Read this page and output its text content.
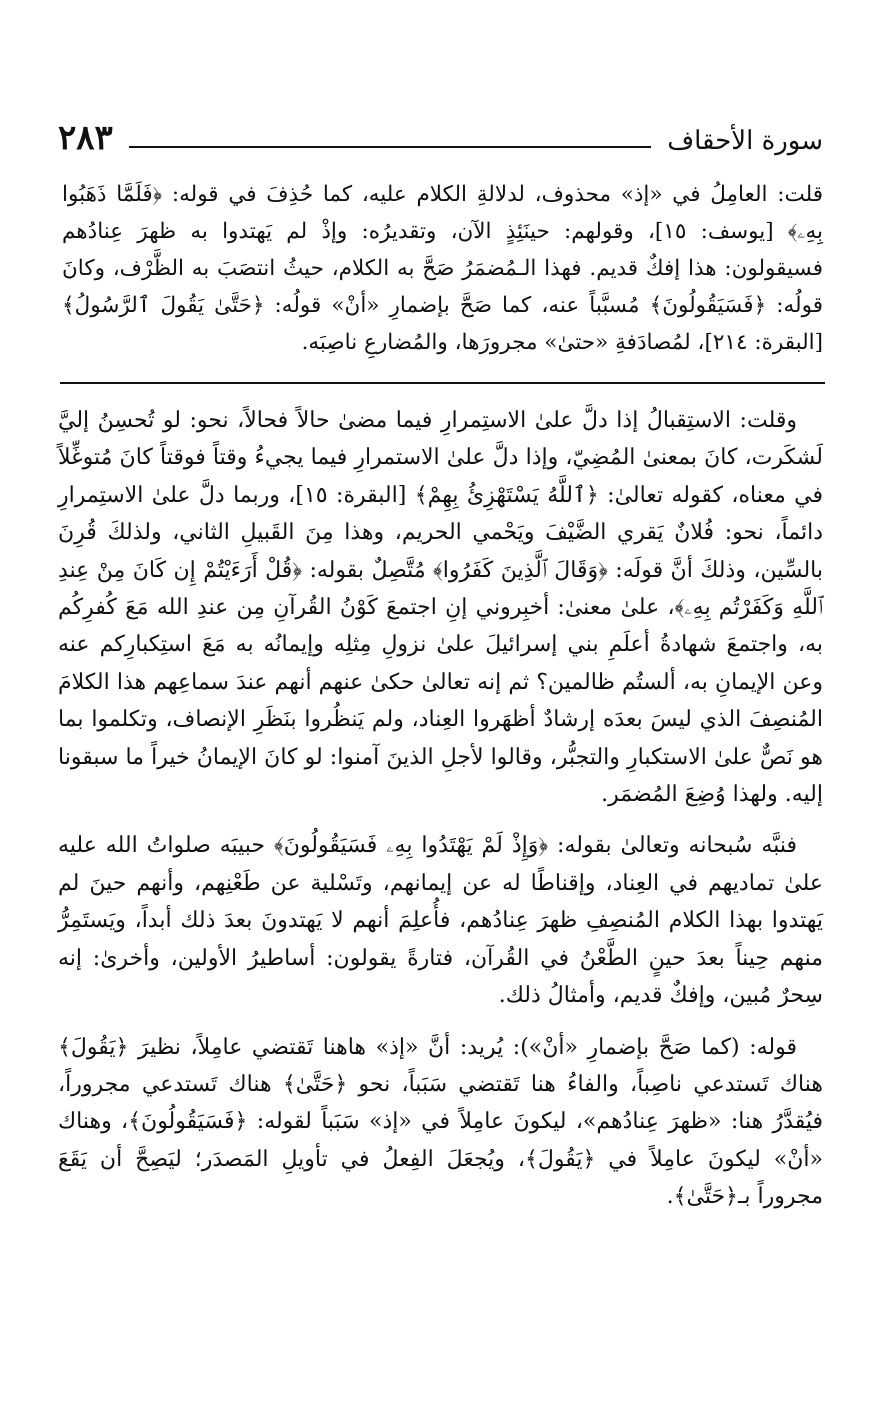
سورة الأحقاف
٢٨٣
قلت: العامِلُ في «إذ» محذوف، لدلالةِ الكلام عليه، كما حُذِفَ في قوله: ﴿فَلَمَّا ذَهَبُوا بِهِۦ﴾ [يوسف: ١٥]، وقولهم: حينَئِذٍ الآن، وتقديرُه: وإذْ لم يَهتدوا به ظهرَ عِنادُهم فسيقولون: هذا إفكٌ قديم. فهذا الـمُضمَرُ صَحَّ به الكلام، حيثُ انتصَبَ به الظَّرْف، وكانَ قولُه: ﴿فَسَيَقُولُونَ﴾ مُسبَّباً عنه، كما صَحَّ بإضمارِ «أنْ» قولُه: ﴿حَتَّىٰ يَقُولَ ٱلرَّسُولُ﴾ [البقرة: ٢١٤]، لمُصادَفةِ «حتىٰ» مجرورَها، والمُضارعِ ناصِبَه.

وقلت: الاستِقبالُ إذا دلَّ علىٰ الاستِمرارِ فيما مضىٰ حالاً فحالاً، نحو: لو تُحسِنُ إليَّ لَشكَرت، كانَ بمعنىٰ المُضِيّ، وإذا دلَّ علىٰ الاستمرارِ فيما يجيءُ وقتاً فوقتاً كانَ مُتوغِّلاً في معناه، كقوله تعالىٰ: ﴿ٱللَّهُ يَسْتَهْزِئُ بِهِمْ﴾ [البقرة: ١٥]، وربما دلَّ علىٰ الاستِمرارِ دائماً، نحو: فُلانٌ يَقري الضَّيْفَ ويَحْمي الحريم، وهذا مِنَ القَبيلِ الثاني، ولذلكَ قُرِنَ بالسِّين، وذلكَ أنَّ قولَه: ﴿وَقَالَ ٱلَّذِينَ كَفَرُوا﴾ مُتَّصِلٌ بقوله: ﴿قُلْ أَرَءَيْتُمْ إِن كَانَ مِنْ عِندِ ٱللَّهِ وَكَفَرْتُم بِهِۦ﴾، علىٰ معنىٰ: أخبِروني إنِ اجتمعَ كَوْنُ القُرآنِ مِن عندِ الله مَعَ كُفرِكُم به، واجتمعَ شهادةُ أعلَمِ بني إسرائيلَ علىٰ نزولِ مِثلِه وإيمانُه به مَعَ استِكبارِكم عنه وعن الإيمانِ به، ألستُم ظالمين؟ ثم إنه تعالىٰ حكىٰ عنهم أنهم عندَ سماعِهم هذا الكلامَ المُنصِفَ الذي ليسَ بعدَه إرشادٌ أظهَروا العِناد، ولم يَنظُروا بنَظَرِ الإنصاف، وتكلموا بما هو نَصٌّ علىٰ الاستكبارِ والتجبُّر، وقالوا لأجلِ الذينَ آمنوا: لو كانَ الإيمانُ خيراً ما سبقونا إليه. ولهذا وُضِعَ المُضمَر.

فنبَّه سُبحانه وتعالىٰ بقوله: ﴿وَإِذْ لَمْ يَهْتَدُوا بِهِۦ فَسَيَقُولُونَ﴾ حبيبَه صلواتُ الله عليه علىٰ تماديهم في العِناد، وإقناطًا له عن إيمانهم، وتَسْلية عن طَعْنِهم، وأنهم حينَ لم يَهتدوا بهذا الكلام المُنصِفِ ظهرَ عِنادُهم، فأُعلِمَ أنهم لا يَهتدونَ بعدَ ذلك أبداً، ويَستَمِرُّ منهم حِيناً بعدَ حينٍ الطَّعْنُ في القُرآن، فتارةً يقولون: أساطيرُ الأولين، وأخرىٰ: إنه سِحرٌ مُبين، وإفكٌ قديم، وأمثالُ ذلك.

قوله: (كما صَحَّ بإضمارِ «أنْ»): يُريد: أنَّ «إذ» هاهنا تَقتضي عامِلاً، نظيرَ ﴿يَقُولَ﴾ هناك تَستدعي ناصِباً، والفاءُ هنا تَقتضي سَبَباً، نحو ﴿حَتَّىٰ﴾ هناك تَستدعي مجروراً، فيُقدَّرُ هنا: «ظهرَ عِنادُهم»، ليكونَ عامِلاً في «إذ» سَبَباً لقوله: ﴿فَسَيَقُولُونَ﴾، وهناك «أنْ» ليكونَ عامِلاً في ﴿يَقُولَ﴾، ويُجعَلَ الفِعلُ في تأويلِ المَصدَر؛ ليَصِحَّ أن يَقَعَ مجروراً بـ﴿حَتَّىٰ﴾.
